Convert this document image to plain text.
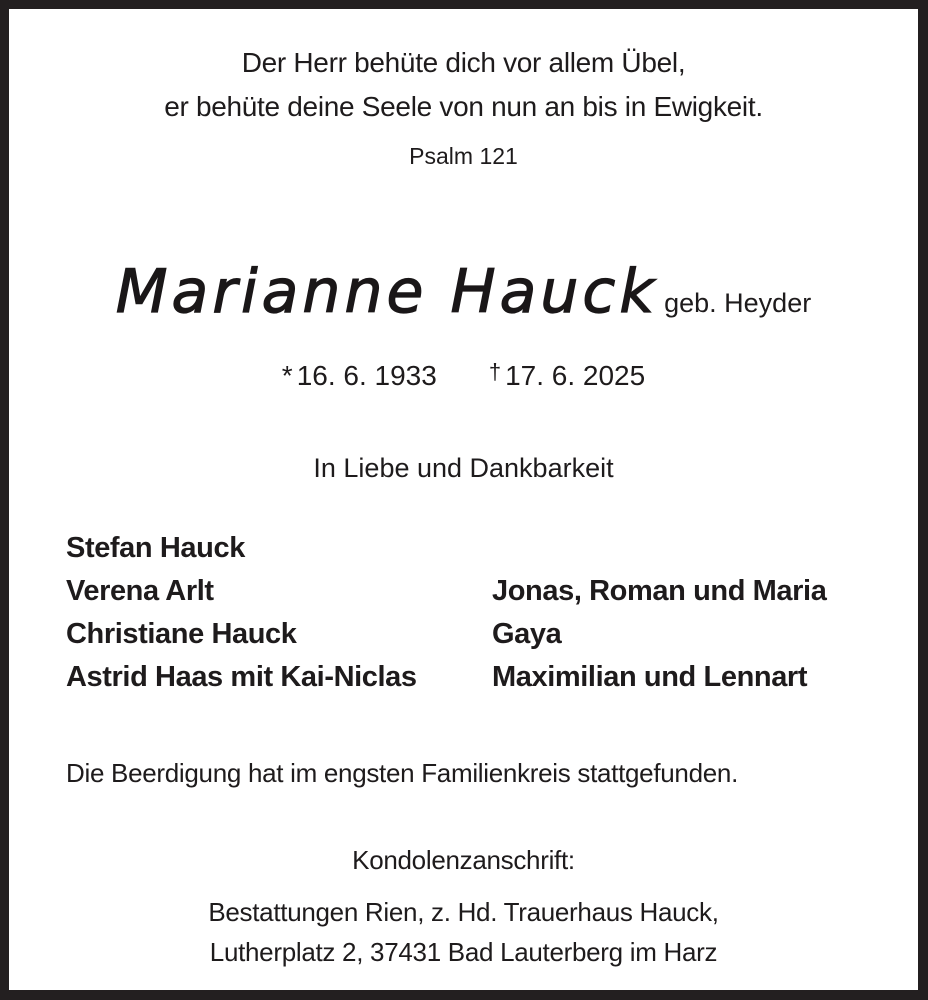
Der Herr behüte dich vor allem Übel,
er behüte deine Seele von nun an bis in Ewigkeit.
Psalm 121
Marianne Hauck geb. Heyder
* 16. 6. 1933 † 17. 6. 2025
In Liebe und Dankbarkeit
Stefan Hauck
Verena Arlt
Christiane Hauck
Astrid Haas mit Kai-Niclas
Jonas, Roman und Maria
Gaya
Maximilian und Lennart
Die Beerdigung hat im engsten Familienkreis stattgefunden.
Kondolenzanschrift:
Bestattungen Rien, z. Hd. Trauerhaus Hauck,
Lutherplatz 2, 37431 Bad Lauterberg im Harz
